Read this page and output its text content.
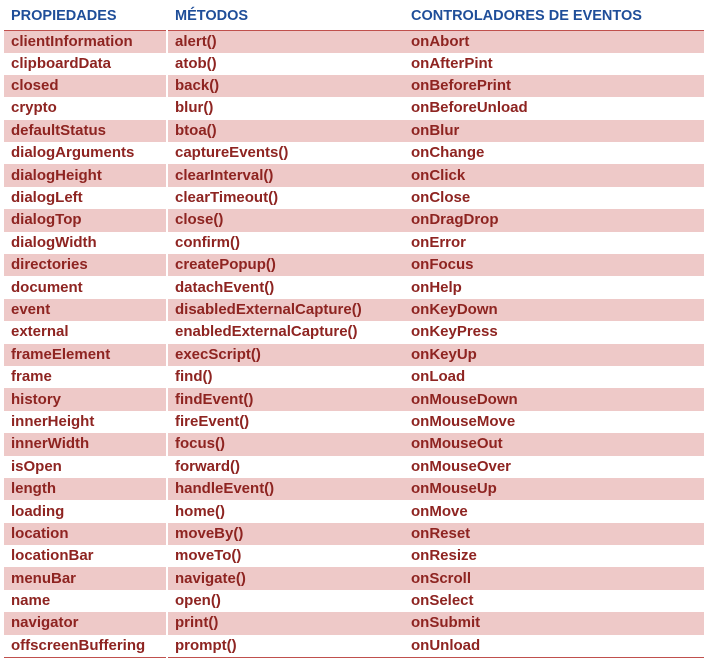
PROPIEDADES	MÉTODOS	CONTROLADORES DE EVENTOS
clientInformation	alert()	onAbort
clipboardData	atob()	onAfterPint
closed	back()	onBeforePrint
crypto	blur()	onBeforeUnload
defaultStatus	btoa()	onBlur
dialogArguments	captureEvents()	onChange
dialogHeight	clearInterval()	onClick
dialogLeft	clearTimeout()	onClose
dialogTop	close()	onDragDrop
dialogWidth	confirm()	onError
directories	createPopup()	onFocus
document	datachEvent()	onHelp
event	disabledExternalCapture()	onKeyDown
external	enabledExternalCapture()	onKeyPress
frameElement	execScript()	onKeyUp
frame	find()	onLoad
history	findEvent()	onMouseDown
innerHeight	fireEvent()	onMouseMove
innerWidth	focus()	onMouseOut
isOpen	forward()	onMouseOver
length	handleEvent()	onMouseUp
loading	home()	onMove
location	moveBy()	onReset
locationBar	moveTo()	onResize
menuBar	navigate()	onScroll
name	open()	onSelect
navigator	print()	onSubmit
offscreenBuffering	prompt()	onUnload
